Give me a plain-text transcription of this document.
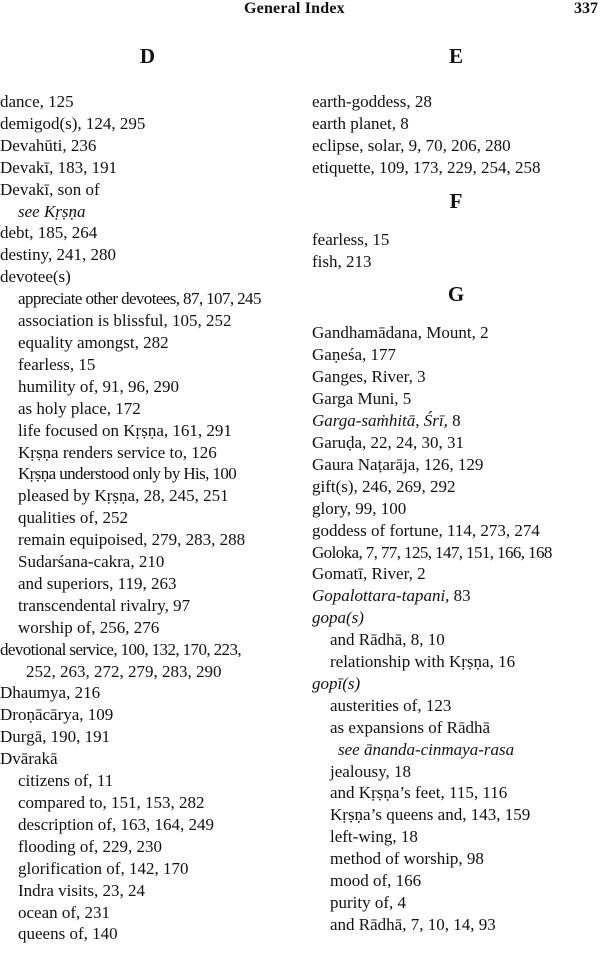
General Index	337
D
dance, 125
demigod(s), 124, 295
Devahūti, 236
Devakī, 183, 191
Devakī, son of
see Kṛṣṇa
debt, 185, 264
destiny, 241, 280
devotee(s)
appreciate other devotees, 87, 107, 245
association is blissful, 105, 252
equality amongst, 282
fearless, 15
humility of, 91, 96, 290
as holy place, 172
life focused on Kṛṣṇa, 161, 291
Kṛṣṇa renders service to, 126
Kṛṣṇa understood only by His, 100
pleased by Kṛṣṇa, 28, 245, 251
qualities of, 252
remain equipoised, 279, 283, 288
Sudarśana-cakra, 210
and superiors, 119, 263
transcendental rivalry, 97
worship of, 256, 276
devotional service, 100, 132, 170, 223,
252, 263, 272, 279, 283, 290
Dhaumya, 216
Droṇācārya, 109
Durgā, 190, 191
Dvārakā
citizens of, 11
compared to, 151, 153, 282
description of, 163, 164, 249
flooding of, 229, 230
glorification of, 142, 170
Indra visits, 23, 24
ocean of, 231
queens of, 140
E
earth-goddess, 28
earth planet, 8
eclipse, solar, 9, 70, 206, 280
etiquette, 109, 173, 229, 254, 258
F
fearless, 15
fish, 213
G
Gandhamādana, Mount, 2
Gaṇeśa, 177
Ganges, River, 3
Garga Muni, 5
Garga-saṁhitā, Śrī, 8
Garuḍa, 22, 24, 30, 31
Gaura Naṭarāja, 126, 129
gift(s), 246, 269, 292
glory, 99, 100
goddess of fortune, 114, 273, 274
Goloka, 7, 77, 125, 147, 151, 166, 168
Gomatī, River, 2
Gopalottara-tapani, 83
gopa(s)
and Rādhā, 8, 10
relationship with Kṛṣṇa, 16
gopī(s)
austerities of, 123
as expansions of Rādhā
see ānanda-cinmaya-rasa
jealousy, 18
and Kṛṣṇa’s feet, 115, 116
Kṛṣṇa’s queens and, 143, 159
left-wing, 18
method of worship, 98
mood of, 166
purity of, 4
and Rādhā, 7, 10, 14, 93
